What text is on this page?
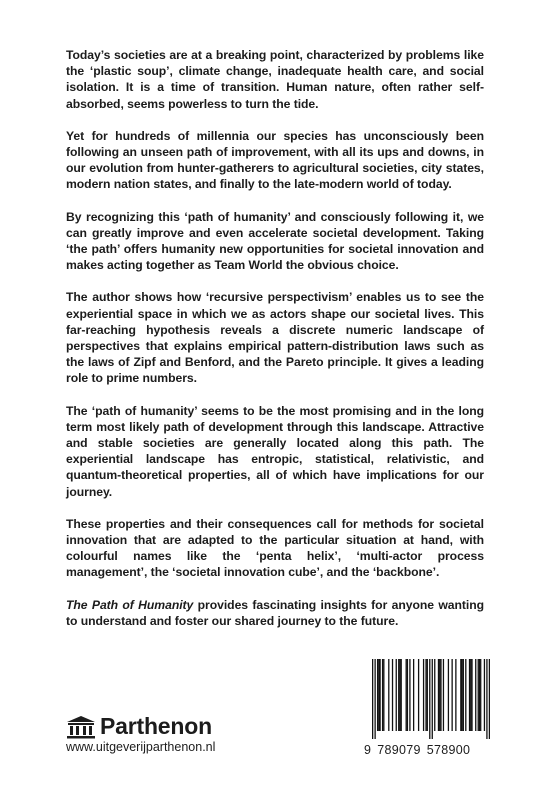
Today’s societies are at a breaking point, characterized by problems like the ‘plastic soup’, climate change, inadequate health care, and social isolation. It is a time of transition. Human nature, often rather self-absorbed, seems powerless to turn the tide.

Yet for hundreds of millennia our species has unconsciously been following an unseen path of improvement, with all its ups and downs, in our evolution from hunter-gatherers to agricultural societies, city states, modern nation states, and finally to the late-modern world of today.

By recognizing this ‘path of humanity’ and consciously following it, we can greatly improve and even accelerate societal development. Taking ‘the path’ offers humanity new opportunities for societal innovation and makes acting together as Team World the obvious choice.

The author shows how ‘recursive perspectivism’ enables us to see the experiential space in which we as actors shape our societal lives. This far-reaching hypothesis reveals a discrete numeric landscape of perspectives that explains empirical pattern-distribution laws such as the laws of Zipf and Benford, and the Pareto principle. It gives a leading role to prime numbers.

The ‘path of humanity’ seems to be the most promising and in the long term most likely path of development through this landscape. Attractive and stable societies are generally located along this path. The experiential landscape has entropic, statistical, relativistic, and quantum-theoretical properties, all of which have implications for our journey.

These properties and their consequences call for methods for societal innovation that are adapted to the particular situation at hand, with colourful names like the ‘penta helix’, ‘multi-actor process management’, the ‘societal innovation cube’, and the ‘backbone’.

The Path of Humanity provides fascinating insights for anyone wanting to understand and foster our shared journey to the future.

Parthenon
www.uitgeverijparthenon.nl	9 789079 578900
